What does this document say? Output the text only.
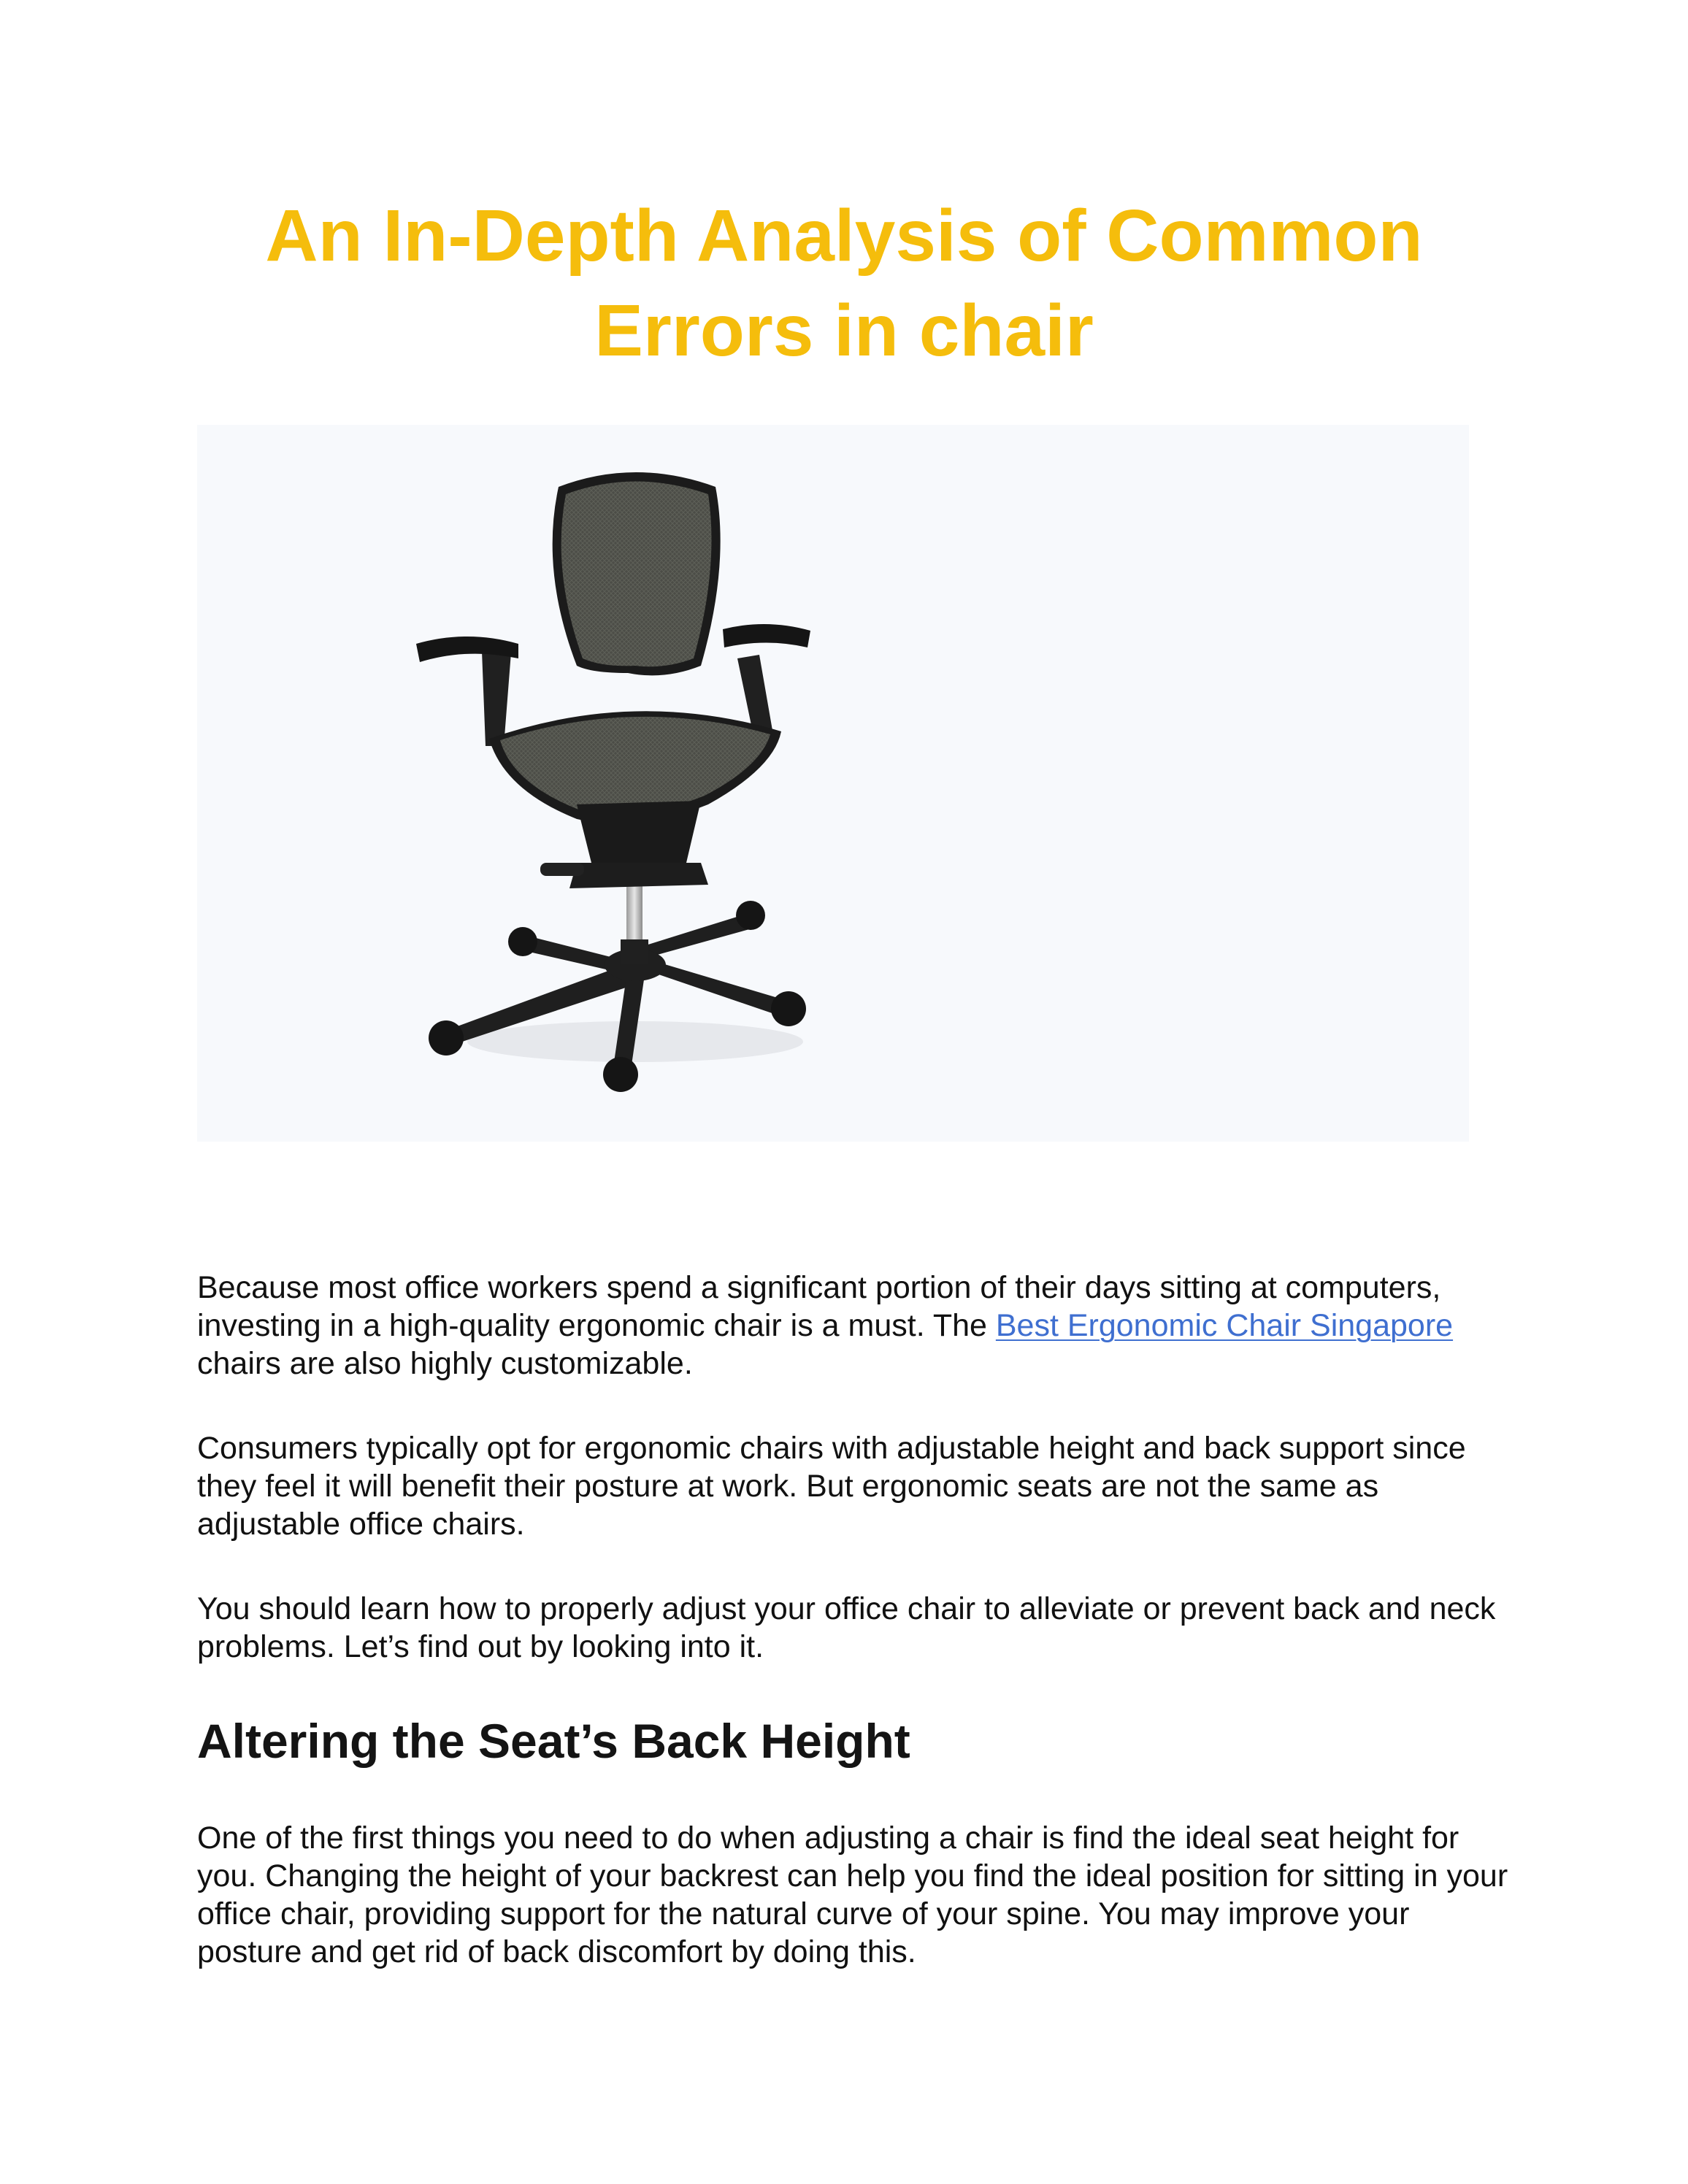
An In-Depth Analysis of Common
Errors in chair

Because most office workers spend a significant portion of their days sitting at computers, investing in a high-quality ergonomic chair is a must. The Best Ergonomic Chair Singapore chairs are also highly customizable.

Consumers typically opt for ergonomic chairs with adjustable height and back support since they feel it will benefit their posture at work. But ergonomic seats are not the same as adjustable office chairs.

You should learn how to properly adjust your office chair to alleviate or prevent back and neck problems. Let’s find out by looking into it.

Altering the Seat’s Back Height

One of the first things you need to do when adjusting a chair is find the ideal seat height for you. Changing the height of your backrest can help you find the ideal position for sitting in your office chair, providing support for the natural curve of your spine. You may improve your posture and get rid of back discomfort by doing this.
